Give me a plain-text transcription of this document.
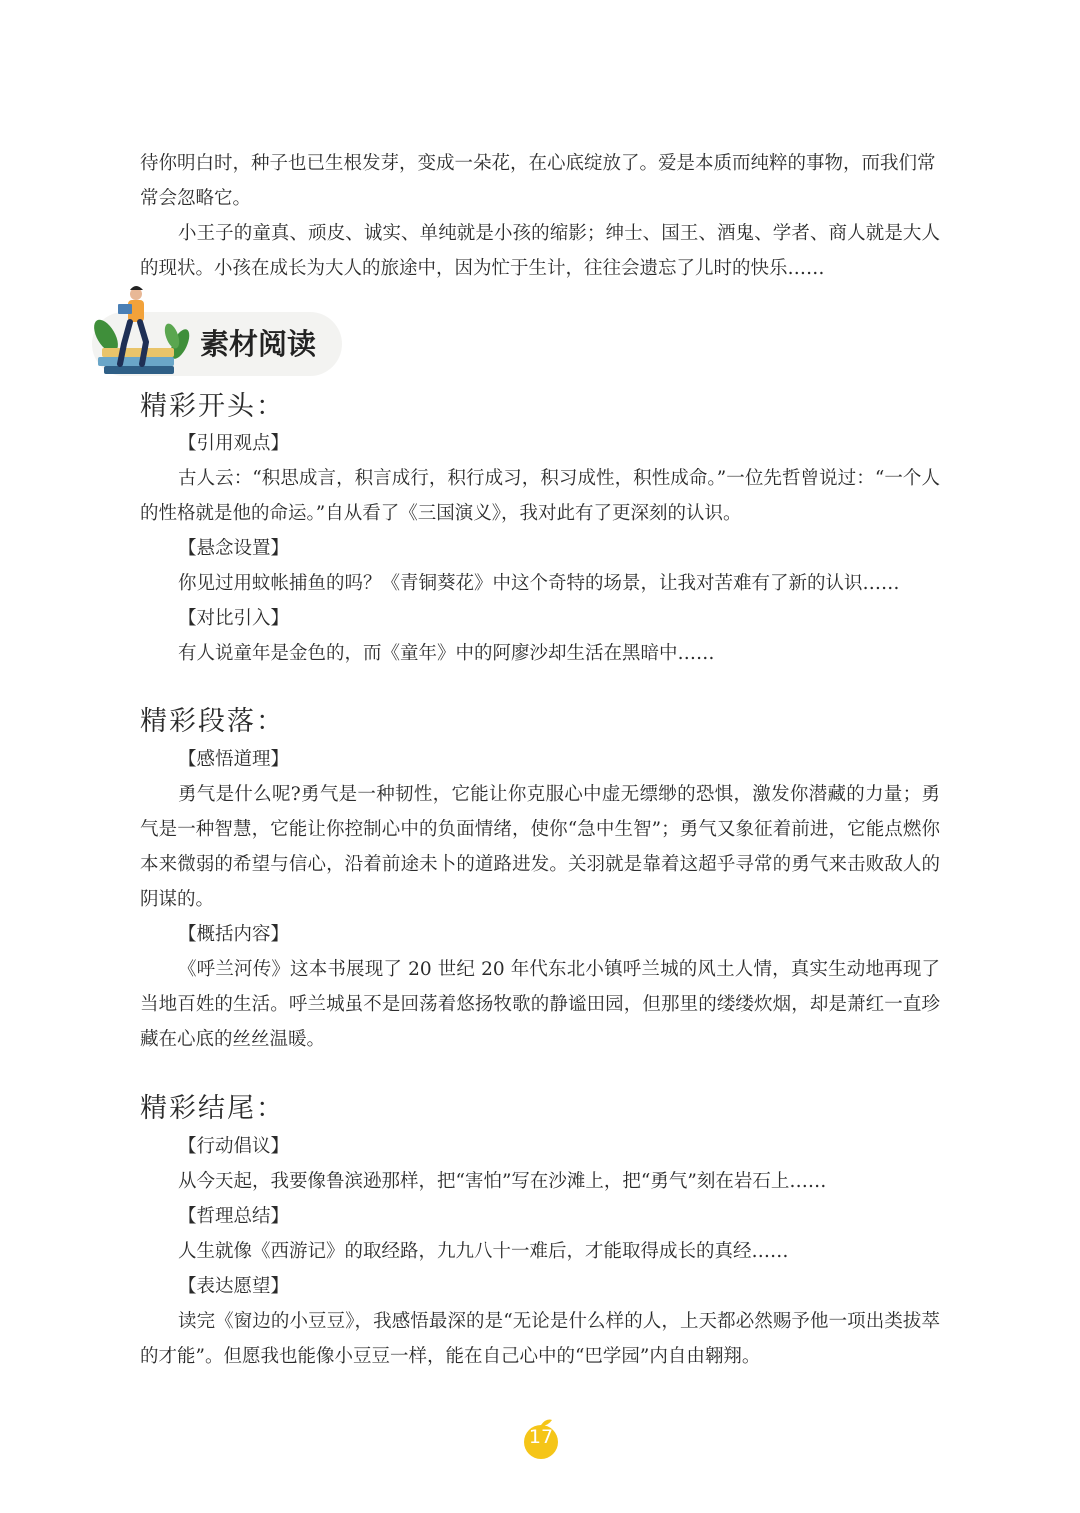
待你明白时，种子也已生根发芽，变成一朵花，在心底绽放了。爱是本质而纯粹的事物，而我们常
常会忽略它。

小王子的童真、顽皮、诚实、单纯就是小孩的缩影；绅士、国王、酒鬼、学者、商人就是大人的现状。小孩在成长为大人的旅途中，因为忙于生计，往往会遗忘了儿时的快乐……

素材阅读
精彩开头：

【引用观点】

古人云：“积思成言，积言成行，积行成习，积习成性，积性成命。”一位先哲曾说过：“一个人的性格就是他的命运。”自从看了《三国演义》，我对此有了更深刻的认识。

【悬念设置】

你见过用蚊帐捕鱼的吗？《青铜葵花》中这个奇特的场景，让我对苦难有了新的认识……

【对比引入】

有人说童年是金色的，而《童年》中的阿廖沙却生活在黑暗中……

精彩段落：

【感悟道理】

勇气是什么呢?勇气是一种韧性，它能让你克服心中虚无缥缈的恐惧，激发你潜藏的力量；勇气是一种智慧，它能让你控制心中的负面情绪，使你“急中生智”；勇气又象征着前进，它能点燃你本来微弱的希望与信心，沿着前途未卜的道路进发。关羽就是靠着这超乎寻常的勇气来击败敌人的阴谋的。

【概括内容】

《呼兰河传》这本书展现了 20 世纪 20 年代东北小镇呼兰城的风土人情，真实生动地再现了当地百姓的生活。呼兰城虽不是回荡着悠扬牧歌的静谧田园，但那里的缕缕炊烟，却是萧红一直珍藏在心底的丝丝温暖。

精彩结尾：

【行动倡议】

从今天起，我要像鲁滨逊那样，把“害怕”写在沙滩上，把“勇气”刻在岩石上……

【哲理总结】

人生就像《西游记》的取经路，九九八十一难后，才能取得成长的真经……

【表达愿望】

读完《窗边的小豆豆》，我感悟最深的是“无论是什么样的人，上天都必然赐予他一项出类拔萃的才能”。但愿我也能像小豆豆一样，能在自己心中的“巴学园”内自由翱翔。

17
